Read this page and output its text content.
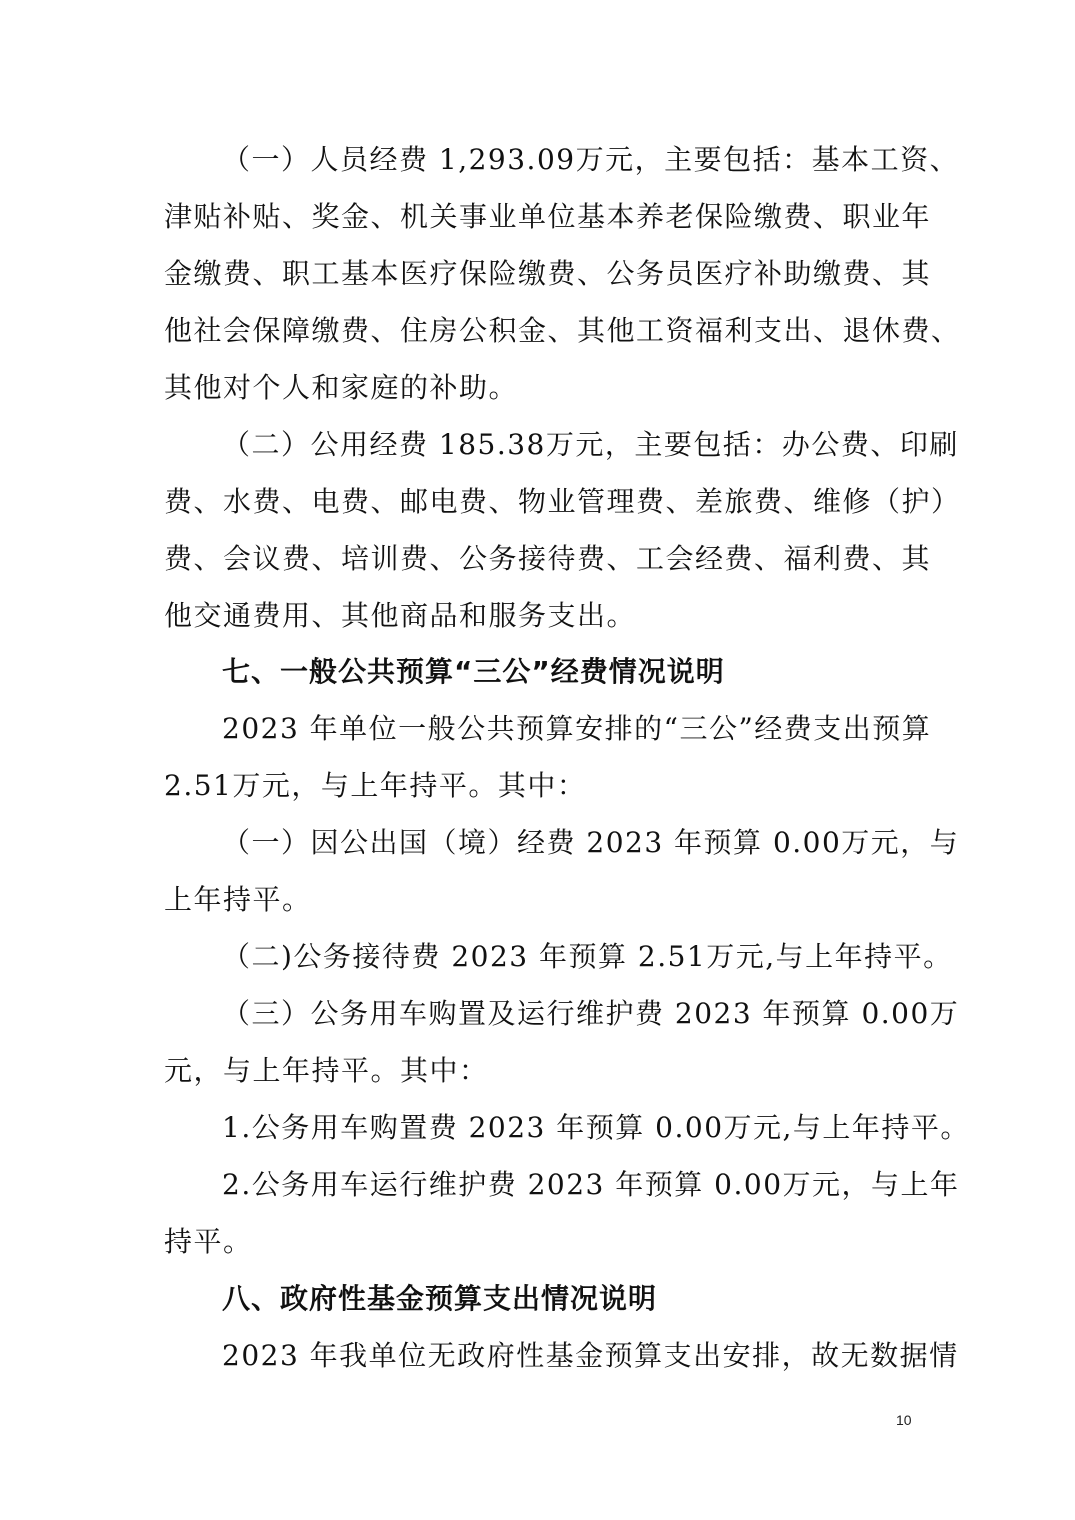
（一）人员经费 1,293.09万元，主要包括：基本工资、
津贴补贴、奖金、机关事业单位基本养老保险缴费、职业年
金缴费、职工基本医疗保险缴费、公务员医疗补助缴费、其
他社会保障缴费、住房公积金、其他工资福利支出、退休费、
其他对个人和家庭的补助。
（二）公用经费 185.38万元，主要包括：办公费、印刷
费、水费、电费、邮电费、物业管理费、差旅费、维修（护）
费、会议费、培训费、公务接待费、工会经费、福利费、其
他交通费用、其他商品和服务支出。
七、一般公共预算“三公”经费情况说明
2023 年单位一般公共预算安排的“三公”经费支出预算
2.51万元，与上年持平。其中：
（一）因公出国（境）经费 2023 年预算 0.00万元，与
上年持平。
（二)公务接待费 2023 年预算 2.51万元,与上年持平。
（三）公务用车购置及运行维护费 2023 年预算 0.00万
元，与上年持平。其中：
1.公务用车购置费 2023 年预算 0.00万元,与上年持平。
2.公务用车运行维护费 2023 年预算 0.00万元，与上年
持平。
八、政府性基金预算支出情况说明
2023 年我单位无政府性基金预算支出安排，故无数据情
10
